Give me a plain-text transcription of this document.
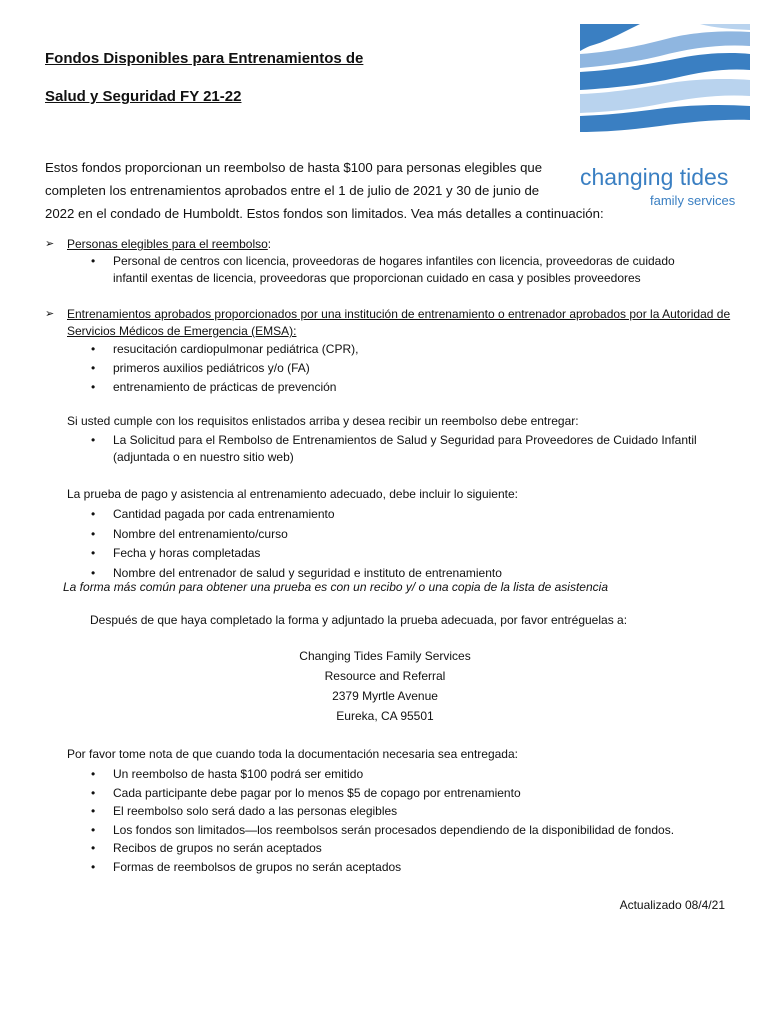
Fondos Disponibles para Entrenamientos de
Salud y Seguridad FY 21-22
changing tides
family services
Estos fondos proporcionan un reembolso de hasta $100 para personas elegibles que
completen los entrenamientos aprobados entre el 1 de julio de 2021 y 30 de junio de
2022 en el condado de Humboldt. Estos fondos son limitados. Vea más detalles a continuación:
➢ Personas elegibles para el reembolso:
• Personal de centros con licencia, proveedoras de hogares infantiles con licencia, proveedoras de cuidado infantil exentas de licencia, proveedoras que proporcionan cuidado en casa y posibles proveedores
➢ Entrenamientos aprobados proporcionados por una institución de entrenamiento o entrenador aprobados por la Autoridad de Servicios Médicos de Emergencia (EMSA):
• resucitación cardiopulmonar pediátrica (CPR),
• primeros auxilios pediátricos y/o (FA)
• entrenamiento de prácticas de prevención
Si usted cumple con los requisitos enlistados arriba y desea recibir un reembolso debe entregar:
• La Solicitud para el Rembolso de Entrenamientos de Salud y Seguridad para Proveedores de Cuidado Infantil (adjuntada o en nuestro sitio web)
La prueba de pago y asistencia al entrenamiento adecuado, debe incluir lo siguiente:
• Cantidad pagada por cada entrenamiento
• Nombre del entrenamiento/curso
• Fecha y horas completadas
• Nombre del entrenador de salud y seguridad e instituto de entrenamiento
La forma más común para obtener una prueba es con un recibo y/ o una copia de la lista de asistencia
Después de que haya completado la forma y adjuntado la prueba adecuada, por favor entréguelas a:
Changing Tides Family Services
Resource and Referral
2379 Myrtle Avenue
Eureka, CA 95501
Por favor tome nota de que cuando toda la documentación necesaria sea entregada:
• Un reembolso de hasta $100 podrá ser emitido
• Cada participante debe pagar por lo menos $5 de copago por entrenamiento
• El reembolso solo será dado a las personas elegibles
• Los fondos son limitados—los reembolsos serán procesados dependiendo de la disponibilidad de fondos.
• Recibos de grupos no serán aceptados
• Formas de reembolsos de grupos no serán aceptados
Actualizado 08/4/21
